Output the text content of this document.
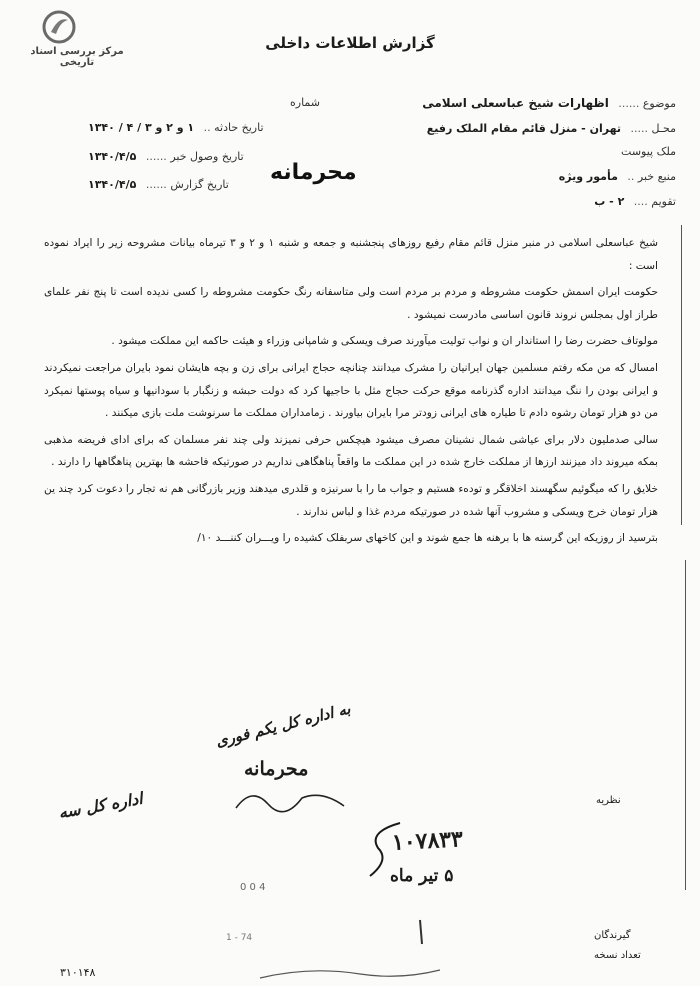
مرکز بررسی اسناد تاریخی
گزارش اطلاعات داخلی
موضوع ...... اظهارات شیخ عباسعلی اسلامی
محـل ..... تهران - منزل قائم مقام الملک رفیع
ملک پیوست
منبع خبر .. مأمور ویژه
تقویم .... ۲ - ب
شماره
تاریخ حادثه .. ۱ و ۲ و ۳ / ۴ / ۱۳۴۰
تاریخ وصول خبر ...... ۱۳۴۰/۴/۵
تاریخ گزارش ...... ۱۳۴۰/۴/۵	محرمانه

شیخ عباسعلی اسلامی در منبر منزل قائم مقام رفیع روزهای پنجشنبه و جمعه و شنبه ۱ و ۲ و ۳ تیرماه بیانات مشروحه زیر را ایراد نموده است :

حکومت ایران اسمش حکومت مشروطه و مردم بر مردم است ولی متاسفانه رنگ حکومت مشروطه را کسی ندیده است تا پنج نفر علمای طراز اول بمجلس نروند قانون اساسی مادرست نمیشود .

مولوتاف حضرت رضا را استاندار ان و نواب تولیت میآورند صرف ویسکی و شامپانی وزراء و هیئت حاکمه این مملکت میشود .

امسال که من مکه رفتم مسلمین جهان ایرانیان را مشرک میدانند چنانچه حجاج ایرانی برای زن و بچه هایشان نمود بایران مراجعت نمیکردند و ایرانی بودن را ننگ میدانند اداره گذرنامه موقع حرکت حجاج مثل با حاجیها کرد که دولت حبشه و زنگبار با سودانیها و سیاه پوستها نمیکرد من دو هزار تومان رشوه دادم تا طیاره های ایرانی زودتر مرا بایران بیاورند . زمامداران مملکت ما سرنوشت ملت بازی میکنند .

سالی صدملیون دلار برای عیاشی شمال نشینان مصرف میشود هیچکس حرفی نمیزند ولی چند نفر مسلمان که برای ادای فریضه مذهبی بمکه میروند داد میزنند ارزها از مملکت خارج شده در این مملکت ما واقعاً پناهگاهی نداریم در صورتیکه فاحشه ها بهترین پناهگاهها را دارند .

خلایق را که میگوئیم سگهسند اخلاقگر و تودهء هستیم و جواب ما را با سرنیزه و قلدری میدهند وزیر بازرگانی هم نه تجار را دعوت کرد چند ین هزار تومان خرج ویسکی و مشروب آنها شده در صورتیکه مردم غذا و لباس ندارند .

بترسید از روزیکه این گرسنه ها با برهنه ها جمع شوند و این کاخهای سربفلک کشیده را ویـــران کننـــد ۱۰/

به اداره کل یکم فوری
محرمانه
اداره کل سه	نظریه
۱۰۷۸۳۳
۵ تیر ماه
0 0 4
1 - 74	گیرندگان
تعداد نسخه
۳۱۰۱۴۸
